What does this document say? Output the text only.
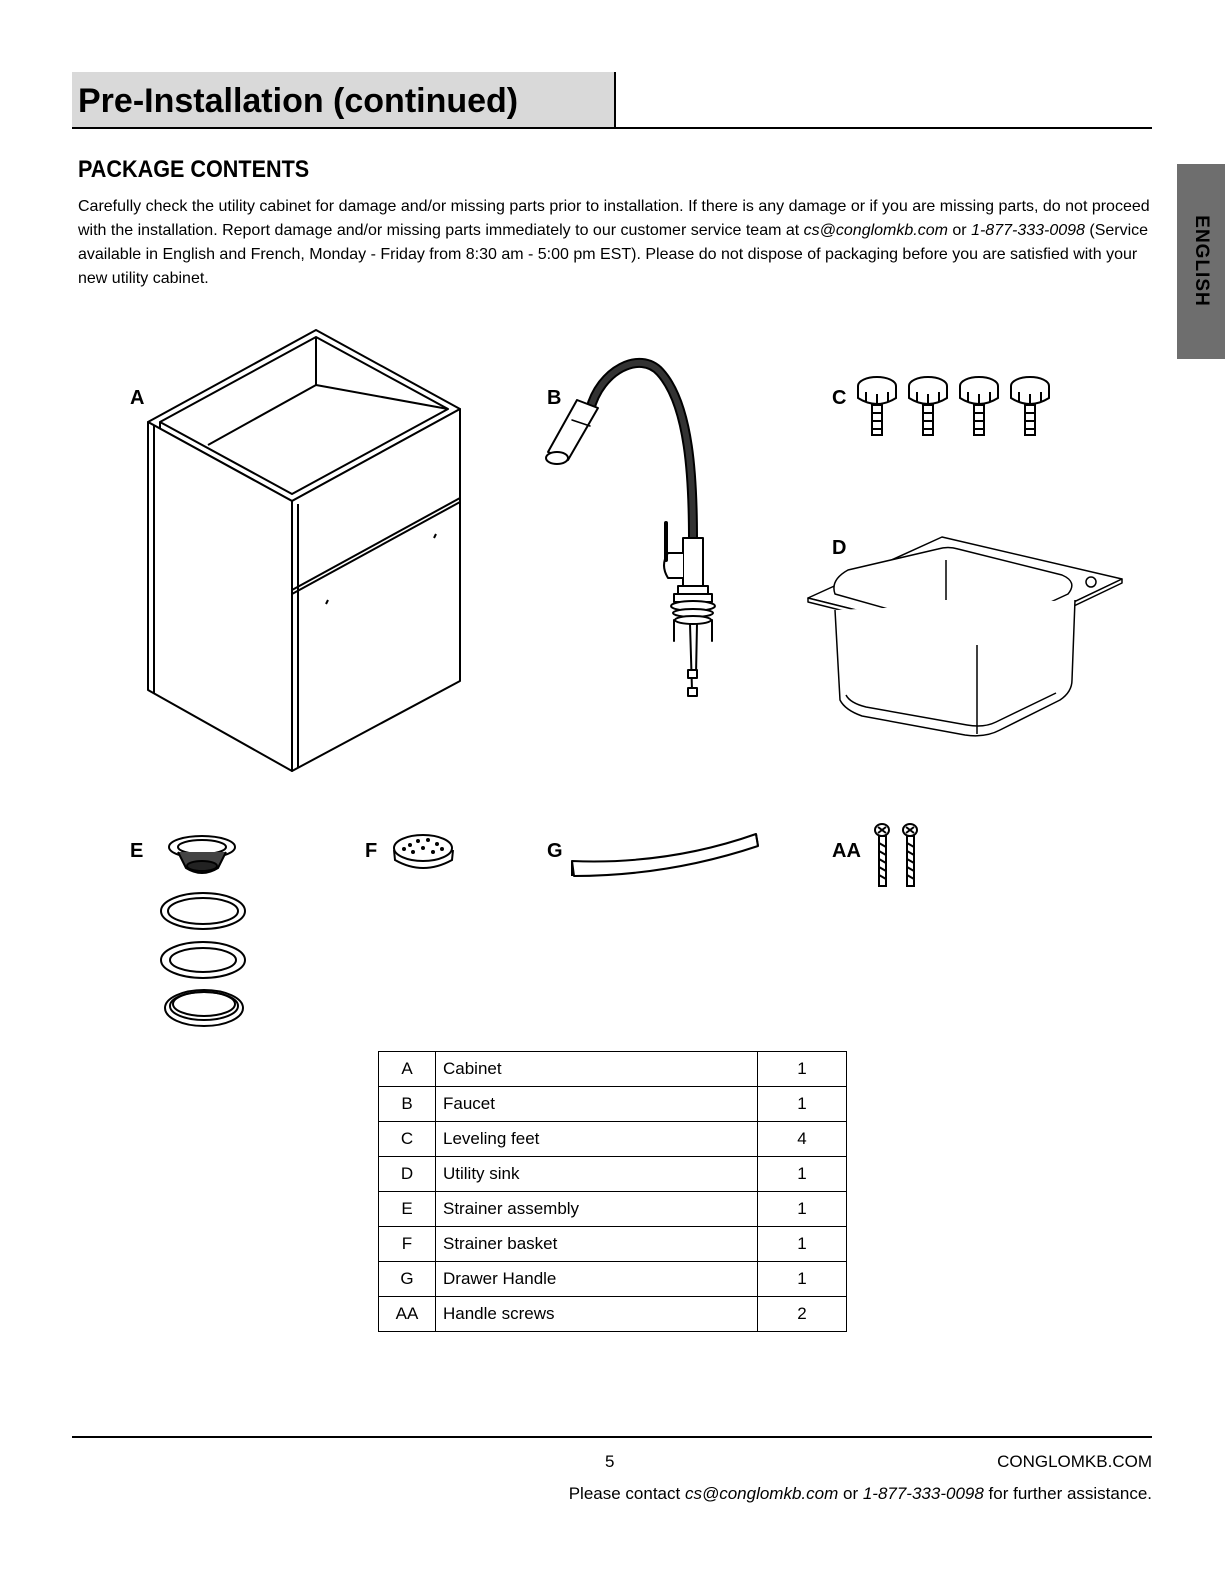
Pre-Installation (continued)
ENGLISH
PACKAGE CONTENTS
Carefully check the utility cabinet for damage and/or missing parts prior to installation. If there is any damage or if you are missing parts, do not proceed with the installation. Report damage and/or missing parts immediately to our customer service team at cs@conglomkb.com or 1-877-333-0098 (Service available in English and French, Monday - Friday from 8:30 am - 5:00 pm EST). Please do not dispose of packaging before you are satisfied with your new utility cabinet.
A	B	C
D
E	F	G	AA
A	Cabinet	1
B	Faucet	1
C	Leveling feet	4
D	Utility sink	1
E	Strainer assembly	1
F	Strainer basket	1
G	Drawer Handle	1
AA	Handle screws	2
5	CONGLOMKB.COM
Please contact cs@conglomkb.com or 1-877-333-0098 for further assistance.
